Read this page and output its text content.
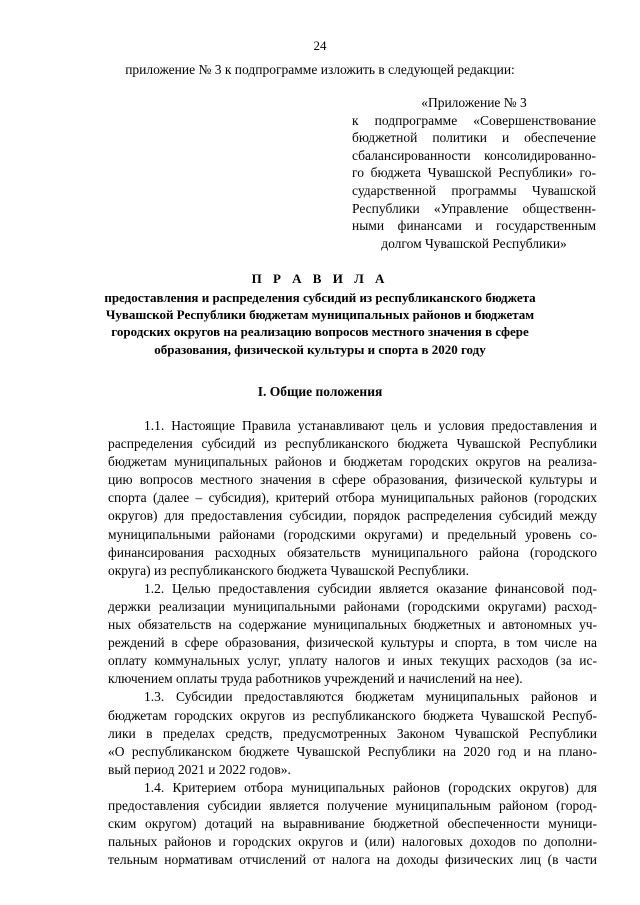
24
приложение № 3 к подпрограмме изложить в следующей редакции:
«Приложение № 3
к подпрограмме «Совершенствование
бюджетной политики и обеспечение
сбалансированности консолидированно-
го бюджета Чувашской Республики» го-
сударственной программы Чувашской
Республики «Управление общественн-
ными финансами и государственным
долгом Чувашской Республики»
П Р А В И Л А
предоставления и распределения субсидий из республиканского бюджета
Чувашской Республики бюджетам муниципальных районов и бюджетам
городских округов на реализацию вопросов местного значения в сфере
образования, физической культуры и спорта в 2020 году
I. Общие положения
1.1. Настоящие Правила устанавливают цель и условия предоставления и
распределения субсидий из республиканского бюджета Чувашской Республики
бюджетам муниципальных районов и бюджетам городских округов на реализа-
цию вопросов местного значения в сфере образования, физической культуры и
спорта (далее – субсидия), критерий отбора муниципальных районов (городских
округов) для предоставления субсидии, порядок распределения субсидий между
муниципальными районами (городскими округами) и предельный уровень со-
финансирования расходных обязательств муниципального района (городского
округа) из республиканского бюджета Чувашской Республики.
1.2. Целью предоставления субсидии является оказание финансовой под-
держки реализации муниципальными районами (городскими округами) расход-
ных обязательств на содержание муниципальных бюджетных и автономных уч-
реждений в сфере образования, физической культуры и спорта, в том числе на
оплату коммунальных услуг, уплату налогов и иных текущих расходов (за ис-
ключением оплаты труда работников учреждений и начислений на нее).
1.3. Субсидии предоставляются бюджетам муниципальных районов и
бюджетам городских округов из республиканского бюджета Чувашской Респуб-
лики в пределах средств, предусмотренных Законом Чувашской Республики
«О республиканском бюджете Чувашской Республики на 2020 год и на плано-
вый период 2021 и 2022 годов».
1.4. Критерием отбора муниципальных районов (городских округов) для
предоставления субсидии является получение муниципальным районом (город-
ским округом) дотаций на выравнивание бюджетной обеспеченности муници-
пальных районов и городских округов и (или) налоговых доходов по дополни-
тельным нормативам отчислений от налога на доходы физических лиц (в части
